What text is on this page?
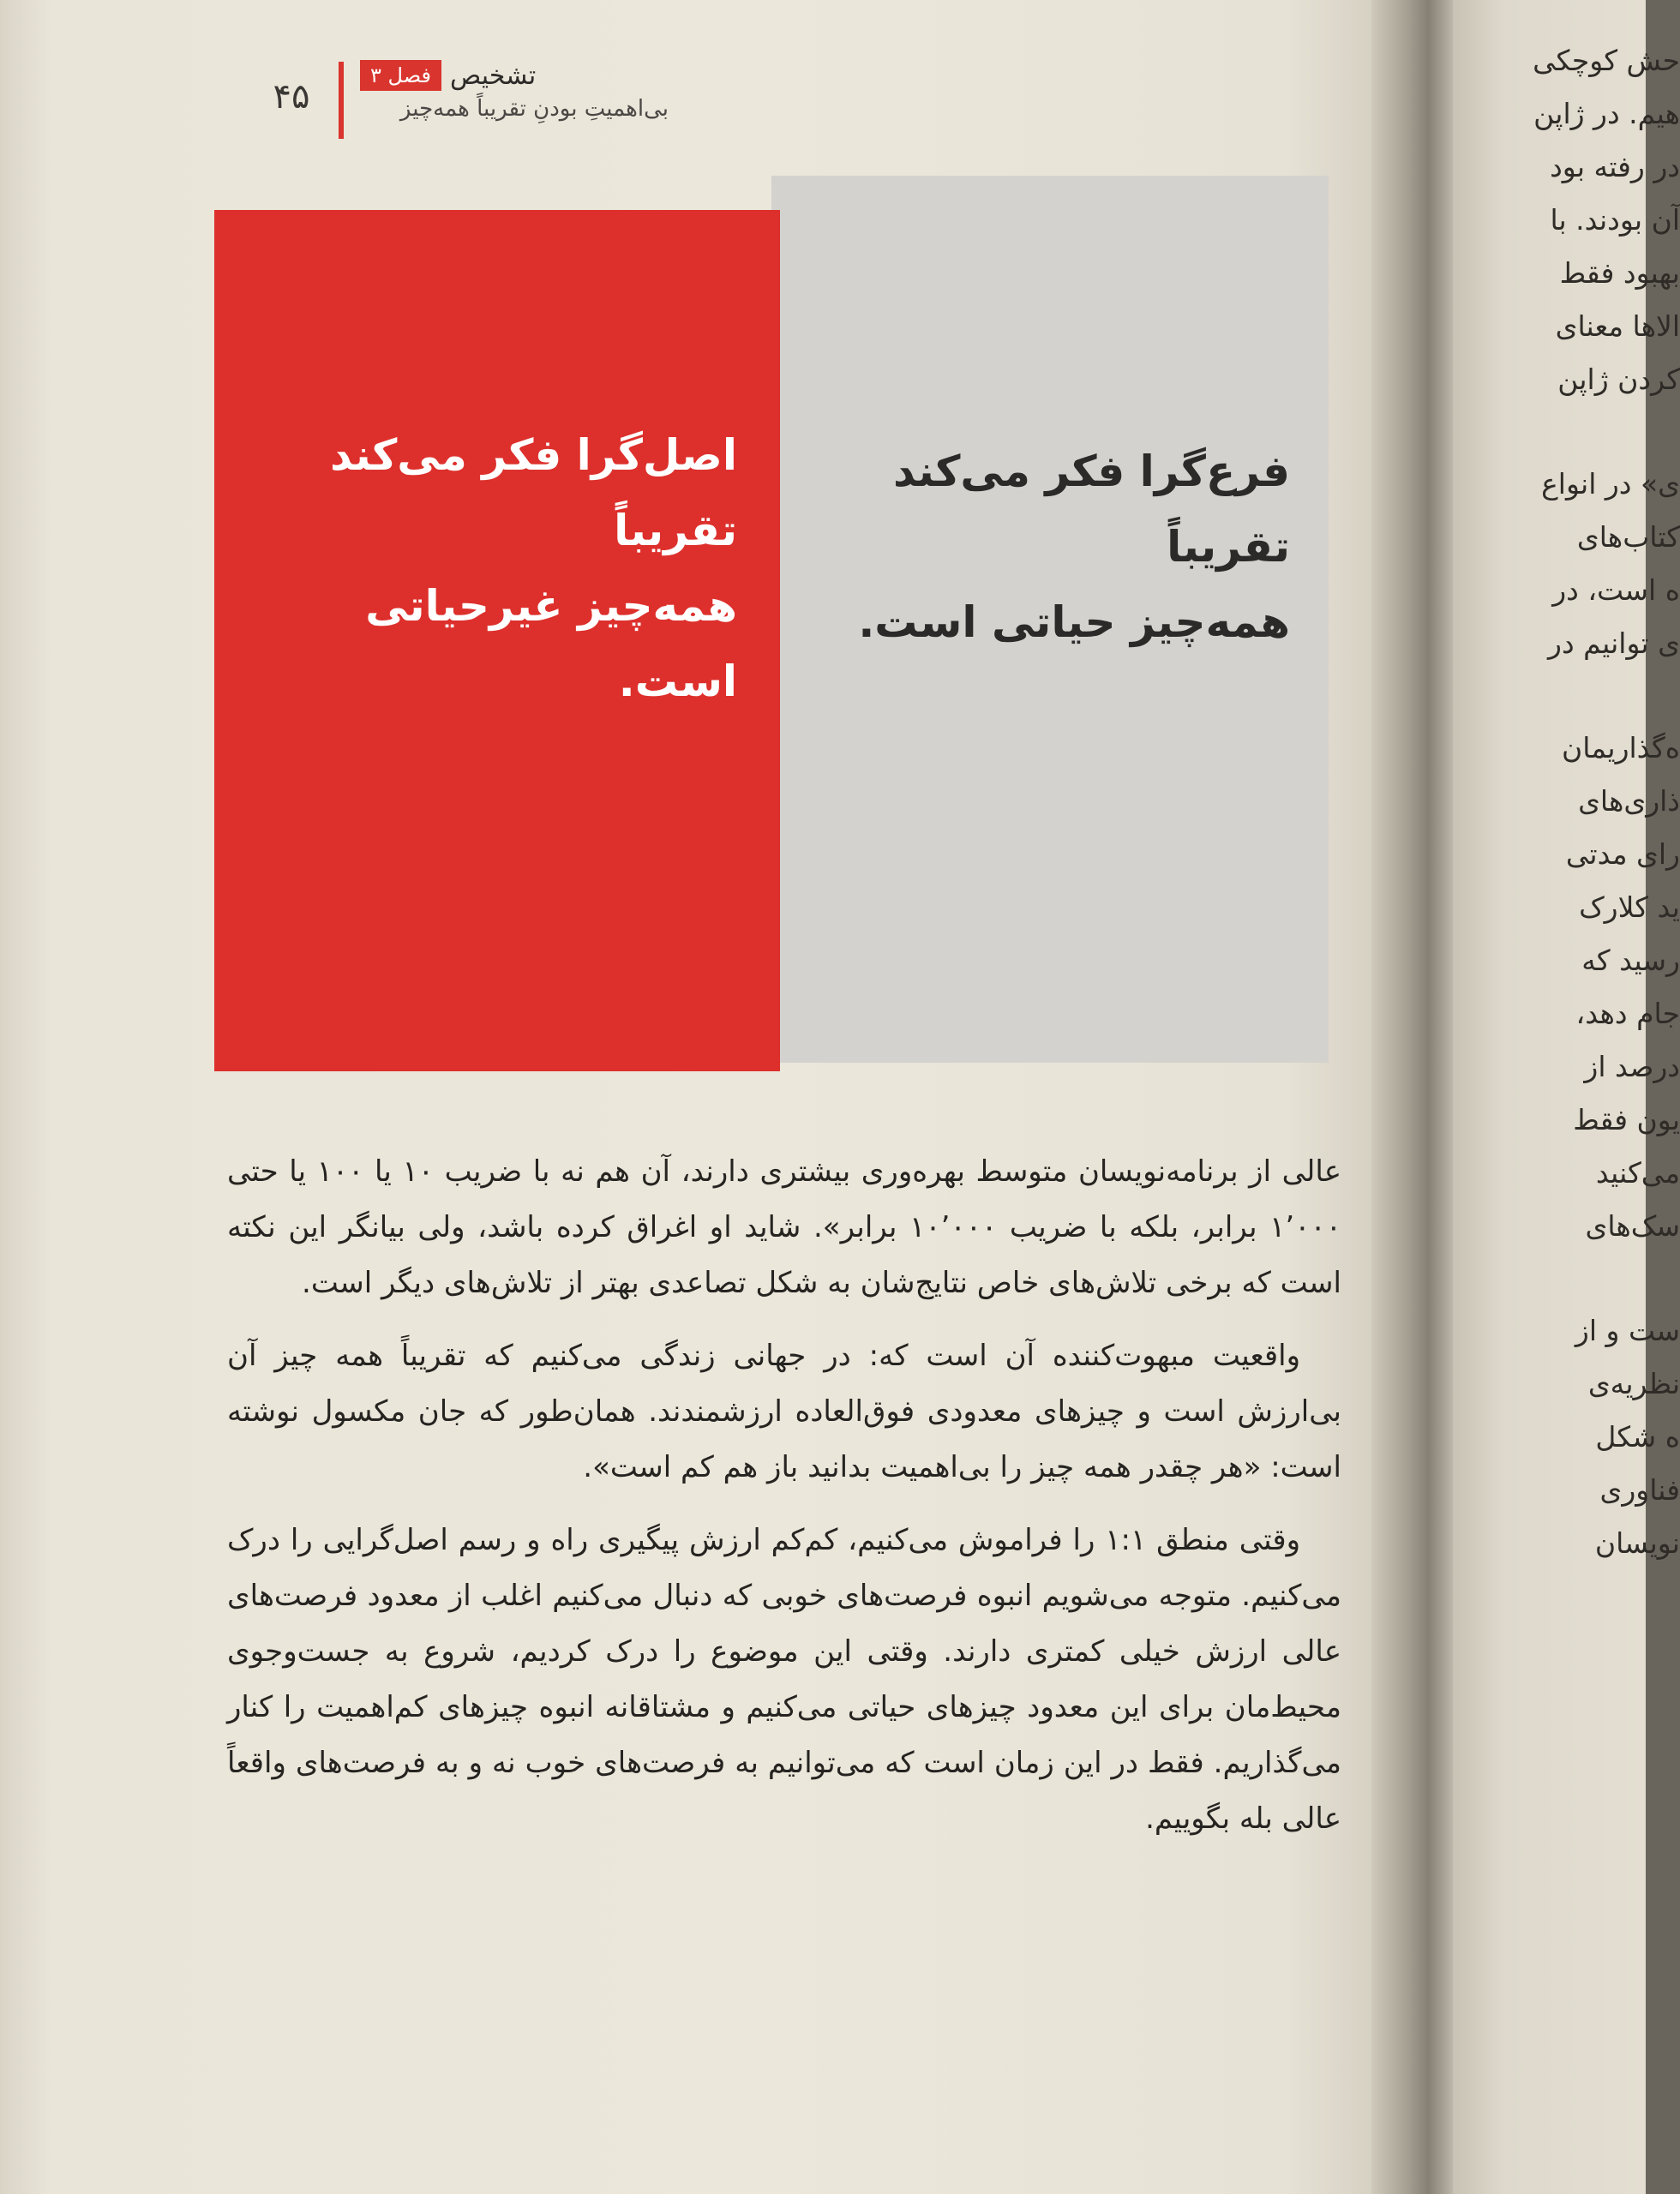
۴۵
تشخیص
فصل ۳
بی‌اهمیتِ بودنِ تقریباً همه‌چیز
فرع‌گرا فکر می‌کند تقریباً
همه‌چیز حیاتی است.
اصل‌گرا فکر می‌کند تقریباً
همه‌چیز غیرحیاتی است.

عالی از برنامه‌نویسان متوسط بهره‌وری بیشتری دارند، آن هم نه با ضریب ۱۰ یا ۱۰۰ یا حتی ۱٬۰۰۰ برابر، بلکه با ضریب ۱۰٬۰۰۰ برابر». شاید او اغراق کرده باشد، ولی بیانگر این نکته است که برخی تلاش‌های خاص نتایج‌شان به شکل تصاعدی بهتر از تلاش‌های دیگر است.

واقعیت مبهوت‌کننده آن است که: در جهانی زندگی می‌کنیم که تقریباً همه چیز آن بی‌ارزش است و چیزهای معدودی فوق‌العاده ارزشمندند. همان‌طور که جان مکسول نوشته است: «هر چقدر همه چیز را بی‌اهمیت بدانید باز هم کم است».

وقتی منطق ۱:۱ را فراموش می‌کنیم، کم‌کم ارزش پیگیری راه و رسم اصل‌گرایی را درک می‌کنیم. متوجه می‌شویم انبوه فرصت‌های خوبی که دنبال می‌کنیم اغلب از معدود فرصت‌های عالی ارزش خیلی کمتری دارند. وقتی این موضوع را درک کردیم، شروع به جست‌وجوی محیط‌مان برای این معدود چیزهای حیاتی می‌کنیم و مشتاقانه انبوه چیزهای کم‌اهمیت را کنار می‌گذاریم. فقط در این زمان است که می‌توانیم به فرصت‌های خوب نه و به فرصت‌های واقعاً عالی بله بگوییم.

حش کوچکی
هیم. در ژاپن
در رفته بود
آن بودند. با
بهبود فقط
الاها معنای
کردن ژاپن
ی» در انواع
کتاب‌های
ه است، در
ی توانیم در
ه‌گذاریمان
ذاری‌های
رای مدتی
ید کلارک
رسید که
جام دهد،
درصد از
یون فقط
می‌کنید
سک‌های
ست و از
نظریه‌ی
ه شکل
فناوری
نویسان
